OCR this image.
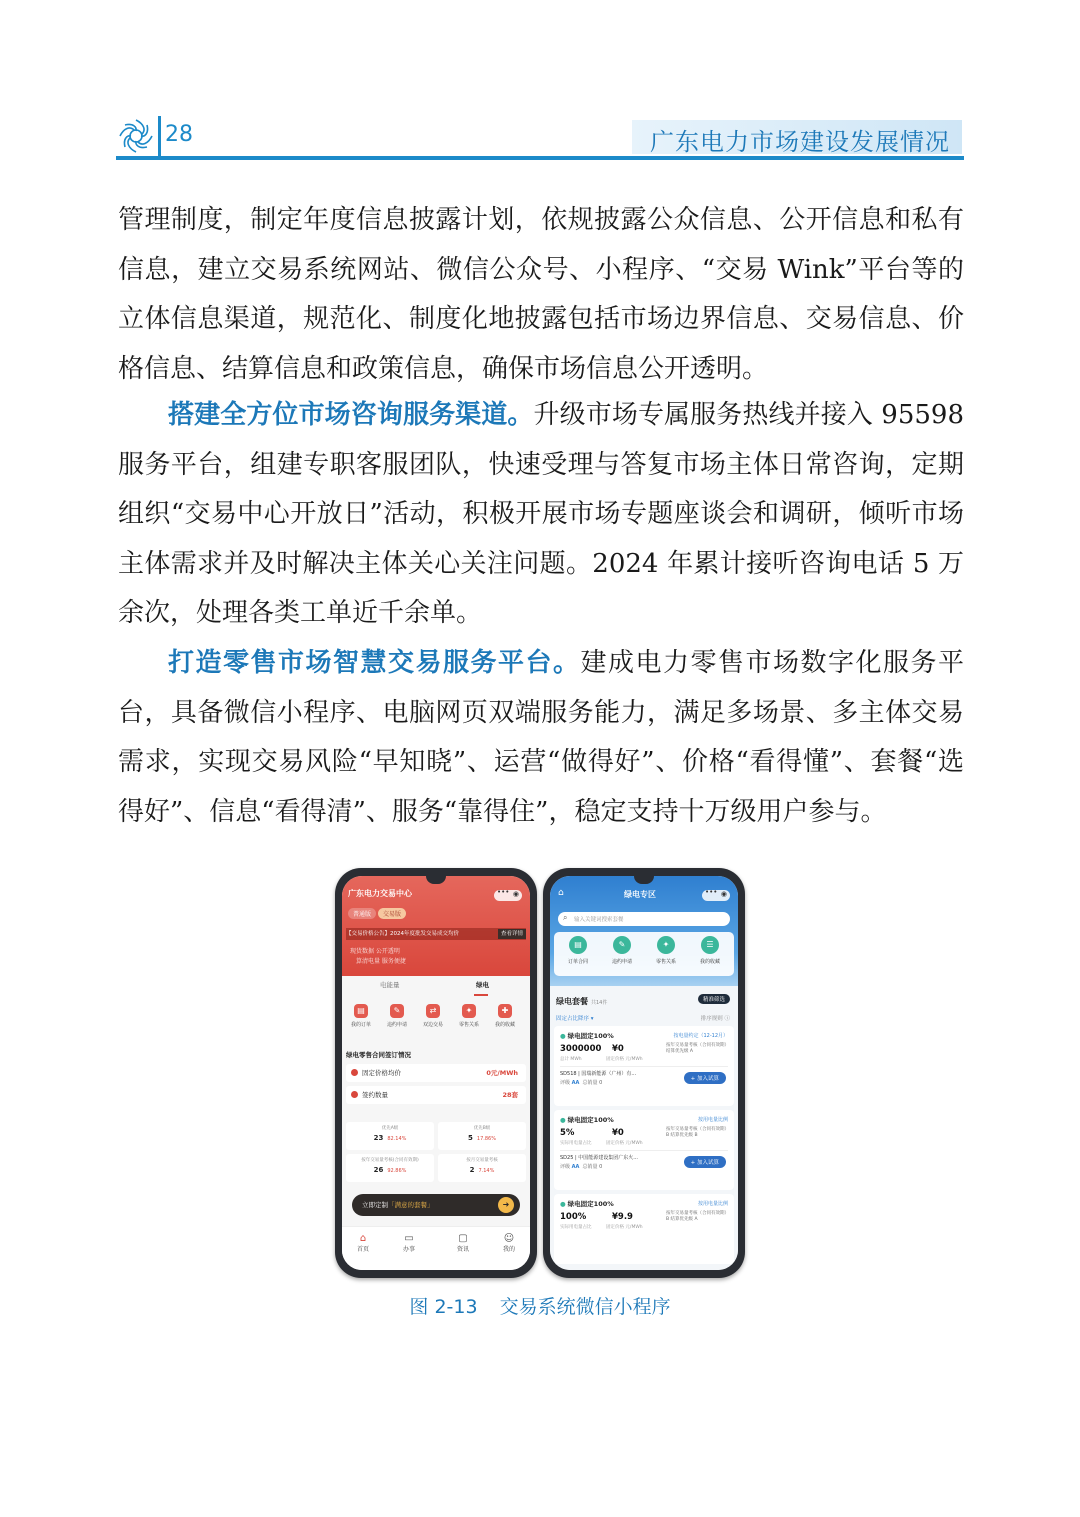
28	广东电力市场建设发展情况

管理制度，制定年度信息披露计划，依规披露公众信息、公开信息和私有信息，建立交易系统网站、微信公众号、小程序、“交易 Wink”平台等的立体信息渠道，规范化、制度化地披露包括市场边界信息、交易信息、价格信息、结算信息和政策信息，确保市场信息公开透明。

搭建全方位市场咨询服务渠道。升级市场专属服务热线并接入 95598 服务平台，组建专职客服团队，快速受理与答复市场主体日常咨询，定期组织“交易中心开放日”活动，积极开展市场专题座谈会和调研，倾听市场主体需求并及时解决主体关心关注问题。2024 年累计接听咨询电话 5 万余次，处理各类工单近千余单。

打造零售市场智慧交易服务平台。建成电力零售市场数字化服务平台，具备微信小程序、电脑网页双端服务能力，满足多场景、多主体交易需求，实现交易风险“早知晓”、运营“做得好”、价格“看得懂”、套餐“选得好”、信息“看得清”、服务“靠得住”，稳定支持十万级用户参与。

••• ◉
广东电力交易中心
普通版 交易版
【交易价格公告】2024年度批发交易成交均价	查看详情
现货数据 公开透明
算清电量 服务便捷
电能量	绿电
▤
我的订单
✎
违约申请
⇄
双边交易
✦
零售关系
✚
我的收藏
绿电零售合同签订情况
固定价格均价	0元/MWh
签约数量	28套
优先A级
23 82.14%
优先B级
5 17.86%
按年交易量考核(合同有效期)
26 92.86%
按月交易量考核
2 7.14%
立即定制「满意的套餐」	➜
⌂
首页
▭
办事
▢
资讯
☺
我的
••• ◉
⌂	绿电专区
⌕ 输入关键词搜索套餐
▤
订单合同
✎
违约申请
✦
零售关系
☰
我的收藏
绿电套餐 共14件	精准筛选
固定占比降序 ▾	排序规则 ⓘ
● 绿电固定100%	按电量约定（12-12月）
3000000 ¥0
总计 MWh	固定价格 元/MWh
按年交易量考核（合同有效期）结算优先级 A
SD518 | 国瑞新能源（广州）有...
评级 AA 总销量 0
+ 加入试算
● 绿电固定100%	按用电量比例
5%	¥0
实际用电量占比	固定价格 元/MWh
按年交易量考核（合同有效期）B 结算优先级 B
SD25 | 中国能源建设集团广东火...
评级 AA 总销量 0
+ 加入试算
● 绿电固定100%	按用电量比例
100%	¥9.9
实际用电量占比	固定价格 元/MWh
按年交易量考核（合同有效期）B 结算优先级 A
图 2-13 交易系统微信小程序
